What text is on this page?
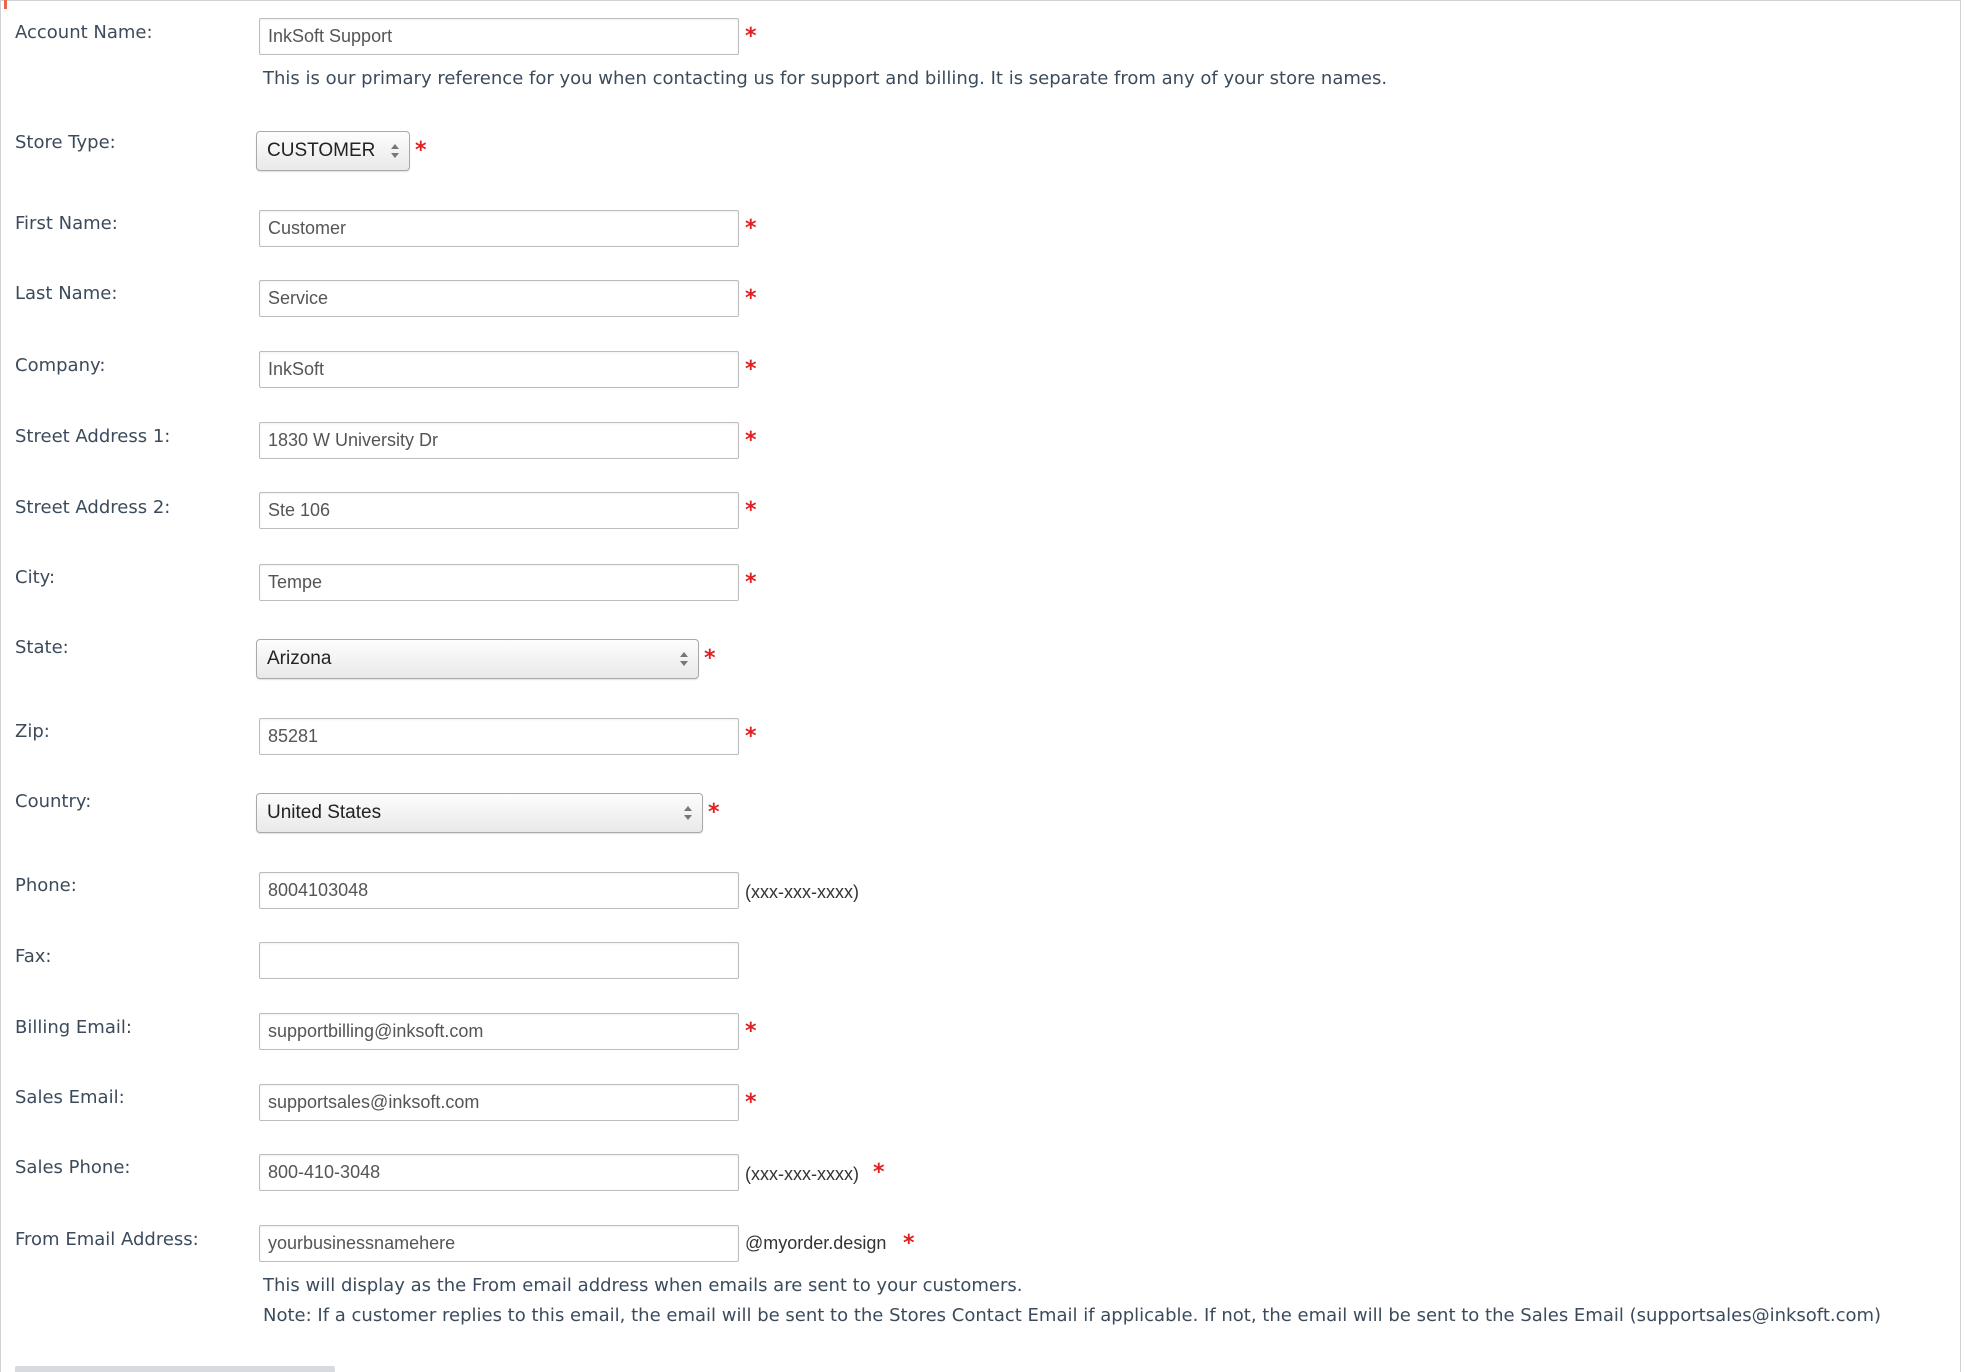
Account Name:
InkSoft Support	*
This is our primary reference for you when contacting us for support and billing. It is separate from any of your store names.
Store Type:	CUSTOMER	*
First Name:
Customer	*
Last Name:
Service	*
Company:
InkSoft	*
Street Address 1:
1830 W University Dr	*
Street Address 2:
Ste 106	*
City:
Tempe	*
State:
Arizona	*
Zip:
85281	*
Country:
United States	*
Phone:
8004103048	(xxx-xxx-xxxx)
Fax:
Billing Email:
supportbilling@inksoft.com	*
Sales Email:
supportsales@inksoft.com	*
Sales Phone:
800-410-3048	(xxx-xxx-xxxx) *
From Email Address:
yourbusinessnamehere	@myorder.design *
This will display as the From email address when emails are sent to your customers.
Note: If a customer replies to this email, the email will be sent to the Stores Contact Email if applicable. If not, the email will be sent to the Sales Email (supportsales@inksoft.com)
